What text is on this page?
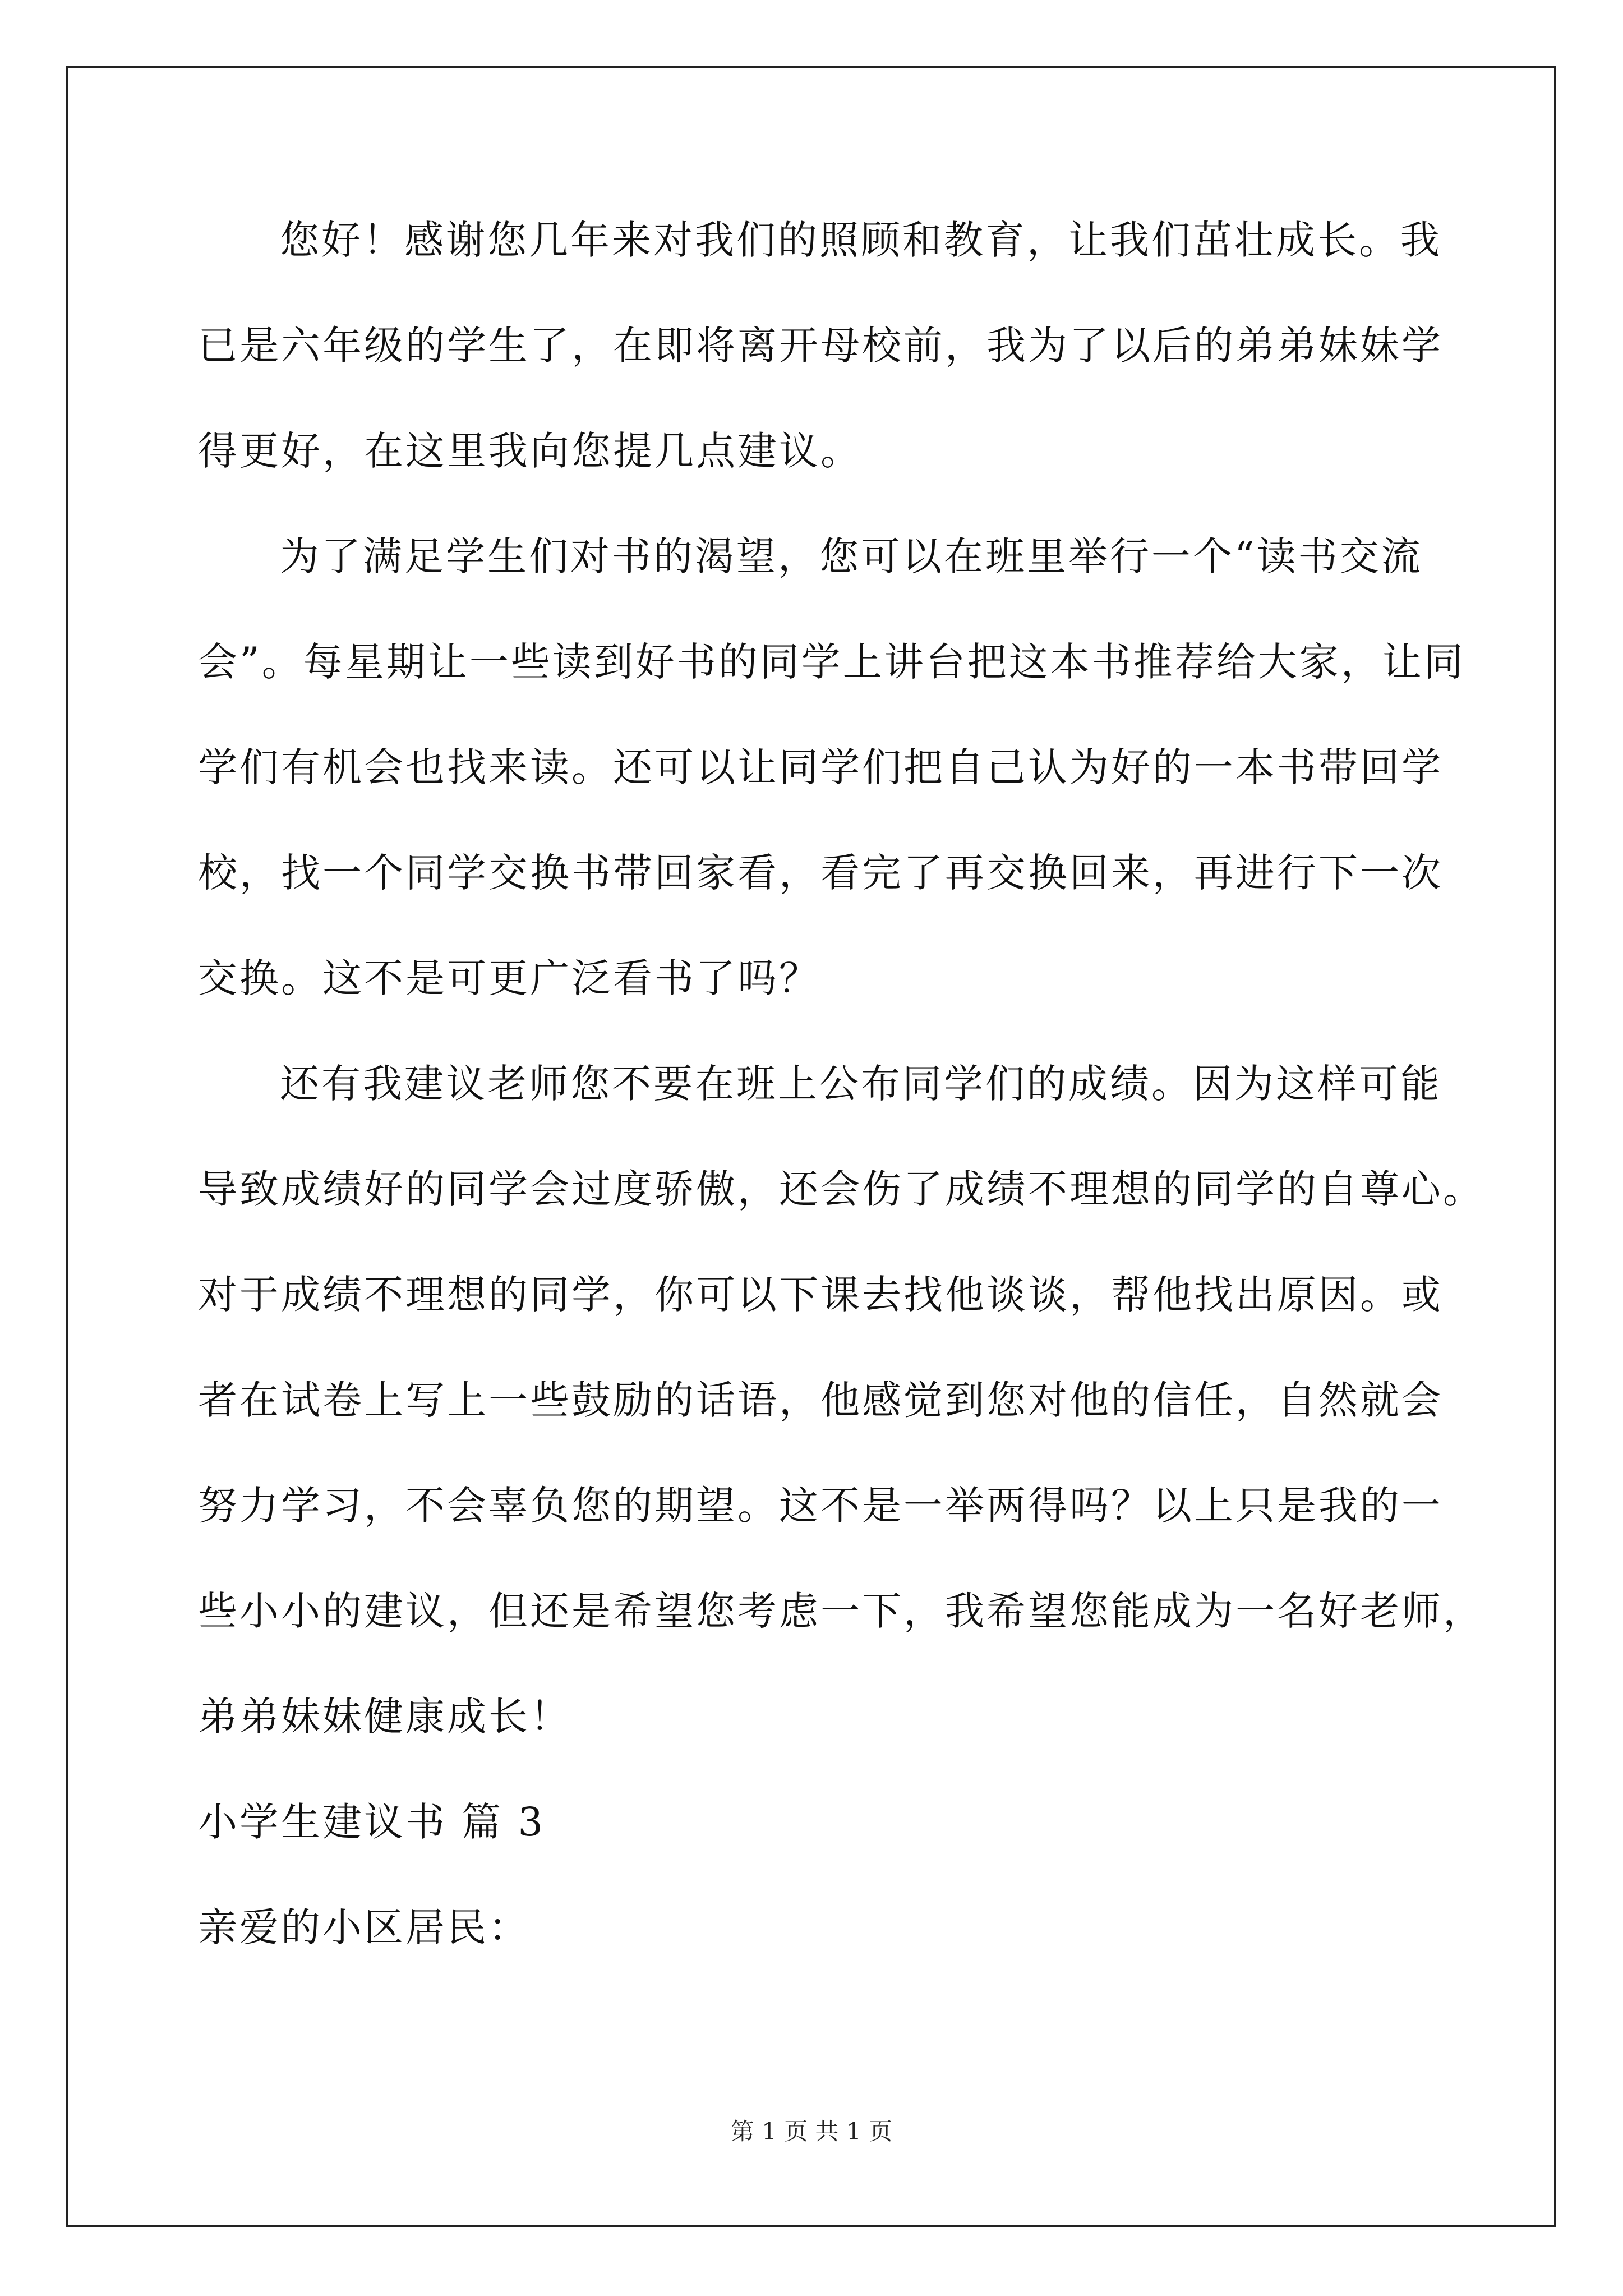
您好！感谢您几年来对我们的照顾和教育，让我们茁壮成长。我
已是六年级的学生了，在即将离开母校前，我为了以后的弟弟妹妹学
得更好，在这里我向您提几点建议。
为了满足学生们对书的渴望，您可以在班里举行一个“读书交流
会”。每星期让一些读到好书的同学上讲台把这本书推荐给大家，让同
学们有机会也找来读。还可以让同学们把自己认为好的一本书带回学
校，找一个同学交换书带回家看，看完了再交换回来，再进行下一次
交换。这不是可更广泛看书了吗？
还有我建议老师您不要在班上公布同学们的成绩。因为这样可能
导致成绩好的同学会过度骄傲，还会伤了成绩不理想的同学的自尊心。
对于成绩不理想的同学，你可以下课去找他谈谈，帮他找出原因。或
者在试卷上写上一些鼓励的话语，他感觉到您对他的信任，自然就会
努力学习，不会辜负您的期望。这不是一举两得吗？以上只是我的一
些小小的建议，但还是希望您考虑一下，我希望您能成为一名好老师，
弟弟妹妹健康成长！
小学生建议书 篇 3
亲爱的小区居民：
第 1 页 共 1 页
